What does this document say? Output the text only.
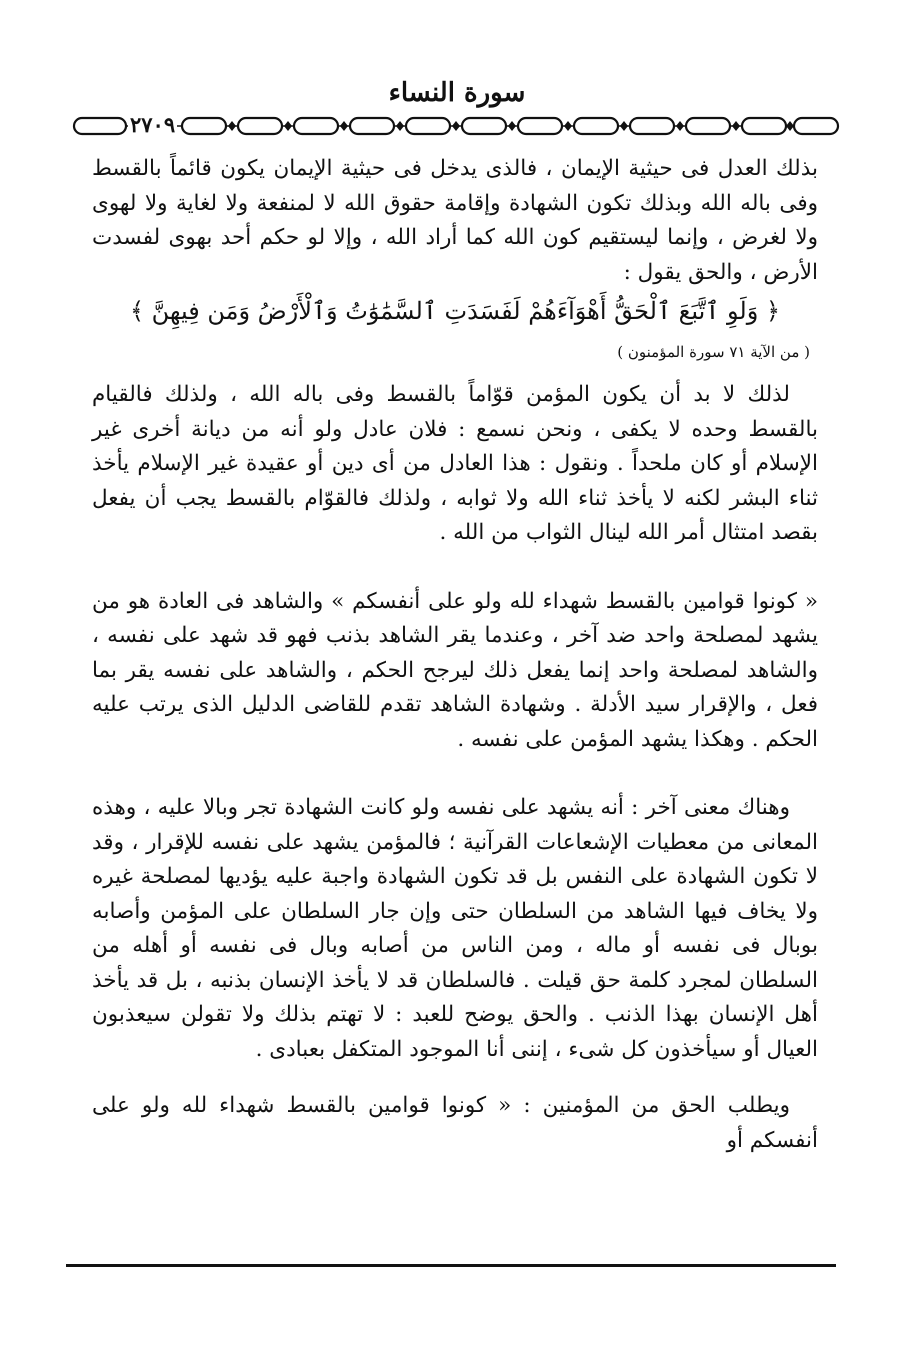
سورة النساء
٢٧٠٩

بذلك العدل فى حيثية الإيمان ، فالذى يدخل فى حيثية الإيمان يكون قائماً بالقسط وفى باله الله وبذلك تكون الشهادة وإقامة حقوق الله لا لمنفعة ولا لغاية ولا لهوى ولا لغرض ، وإنما ليستقيم كون الله كما أراد الله ، وإلا لو حكم أحد بهوى لفسدت الأرض ، والحق يقول :

﴿ وَلَوِ ٱتَّبَعَ ٱلْحَقُّ أَهْوَآءَهُمْ لَفَسَدَتِ ٱلسَّمَٰوَٰتُ وَٱلْأَرْضُ وَمَن فِيهِنَّ ﴾

( من الآية ٧١ سورة المؤمنون )

لذلك لا بد أن يكون المؤمن قوّاماً بالقسط وفى باله الله ، ولذلك فالقيام بالقسط وحده لا يكفى ، ونحن نسمع : فلان عادل ولو أنه من ديانة أخرى غير الإسلام أو كان ملحداً . ونقول : هذا العادل من أى دين أو عقيدة غير الإسلام يأخذ ثناء البشر لكنه لا يأخذ ثناء الله ولا ثوابه ، ولذلك فالقوّام بالقسط يجب أن يفعل بقصد امتثال أمر الله لينال الثواب من الله .

« كونوا قوامين بالقسط شهداء لله ولو على أنفسكم » والشاهد فى العادة هو من يشهد لمصلحة واحد ضد آخر ، وعندما يقر الشاهد بذنب فهو قد شهد على نفسه ، والشاهد لمصلحة واحد إنما يفعل ذلك ليرجح الحكم ، والشاهد على نفسه يقر بما فعل ، والإقرار سيد الأدلة . وشهادة الشاهد تقدم للقاضى الدليل الذى يرتب عليه الحكم . وهكذا يشهد المؤمن على نفسه .

وهناك معنى آخر : أنه يشهد على نفسه ولو كانت الشهادة تجر وبالا عليه ، وهذه المعانى من معطيات الإشعاعات القرآنية ؛ فالمؤمن يشهد على نفسه للإقرار ، وقد لا تكون الشهادة على النفس بل قد تكون الشهادة واجبة عليه يؤديها لمصلحة غيره ولا يخاف فيها الشاهد من السلطان حتى وإن جار السلطان على المؤمن وأصابه بوبال فى نفسه أو ماله ، ومن الناس من أصابه وبال فى نفسه أو أهله من السلطان لمجرد كلمة حق قيلت . فالسلطان قد لا يأخذ الإنسان بذنبه ، بل قد يأخذ أهل الإنسان بهذا الذنب . والحق يوضح للعبد : لا تهتم بذلك ولا تقولن سيعذبون العيال أو سيأخذون كل شىء ، إننى أنا الموجود المتكفل بعبادى .

ويطلب الحق من المؤمنين : « كونوا قوامين بالقسط شهداء لله ولو على أنفسكم أو
